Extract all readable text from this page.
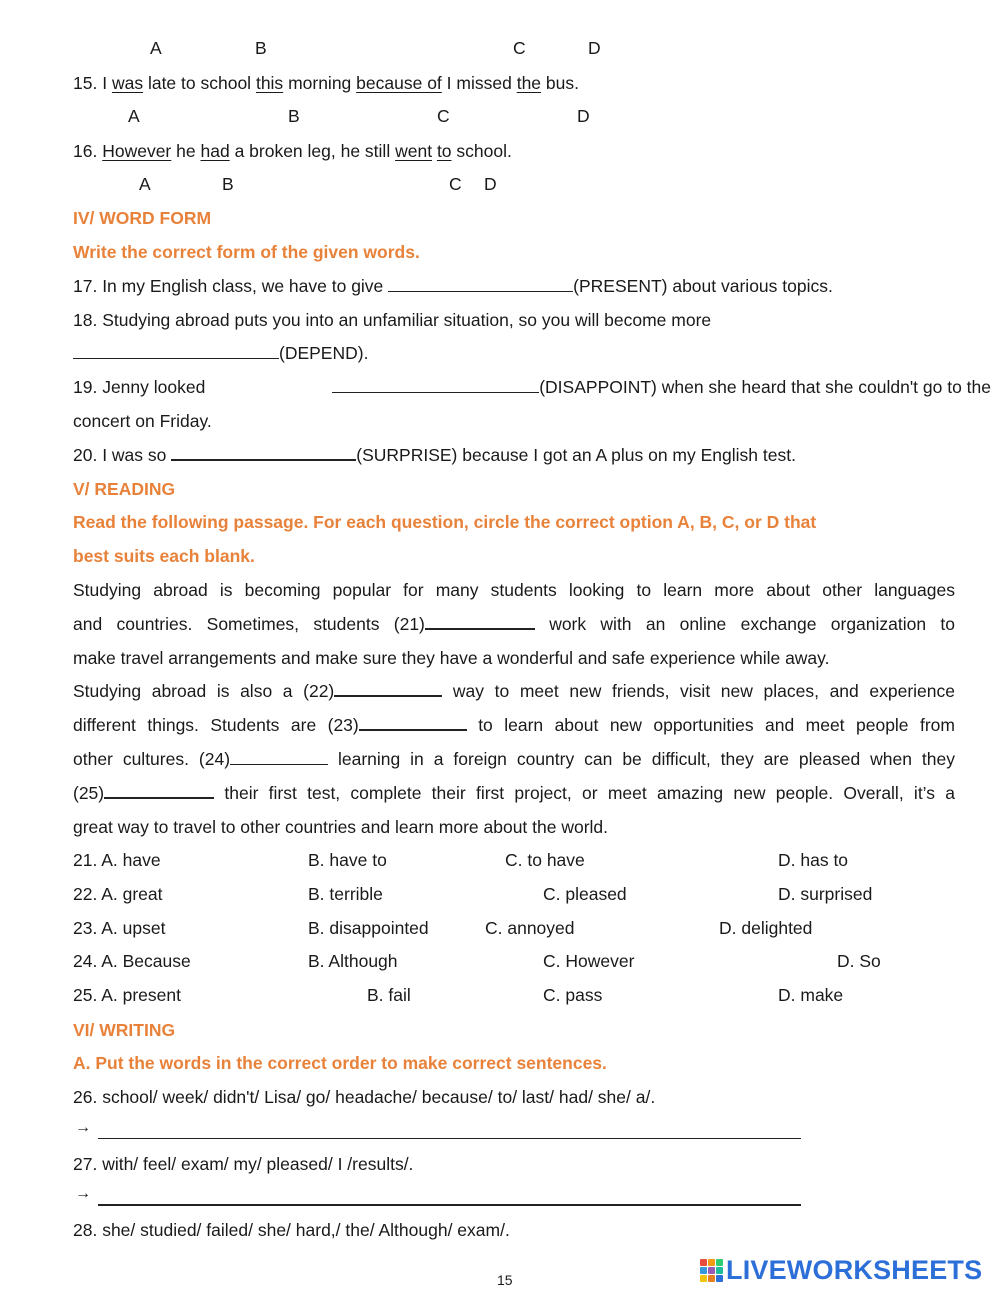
A	B	C	D
15. I was late to school this morning because of I missed the bus.
A	B	C	D
16. However he had a broken leg, he still went to school.
A	B	C D
IV/ WORD FORM
Write the correct form of the given words.
17. In my English class, we have to give	(PRESENT) about various topics.
18. Studying abroad puts you into an unfamiliar situation, so you will become more
(DEPEND).
19. Jenny looked	(DISAPPOINT) when she heard that she couldn't go to the
concert on Friday.
20. I was so	(SURPRISE) because I got an A plus on my English test.
V/ READING
Read the following passage. For each question, circle the correct option A, B, C, or D that
best suits each blank.
Studying abroad is becoming popular for many students looking to learn more about other languages
and countries. Sometimes, students (21)	work with an online exchange organization to
make travel arrangements and make sure they have a wonderful and safe experience while away.
Studying abroad is also a (22)	way to meet new friends, visit new places, and experience
different things. Students are (23)	to learn about new opportunities and meet people from
other cultures. (24)	learning in a foreign country can be difficult, they are pleased when they
(25)	their first test, complete their first project, or meet amazing new people. Overall, it’s a
great way to travel to other countries and learn more about the world.
21. A. have	B. have to	C. to have	D. has to
22. A. great	B. terrible	C. pleased	D. surprised
23. A. upset	B. disappointed	C. annoyed	D. delighted
24. A. Because	B. Although	C. However	D. So
25. A. present	B. fail	C. pass	D. make
VI/ WRITING
A. Put the words in the correct order to make correct sentences.
26. school/ week/ didn't/ Lisa/ go/ headache/ because/ to/ last/ had/ she/ a/.
→
27. with/ feel/ exam/ my/ pleased/ I /results/.
→
28. she/ studied/ failed/ she/ hard,/ the/ Although/ exam/.
15	LIVEWORKSHEETS
